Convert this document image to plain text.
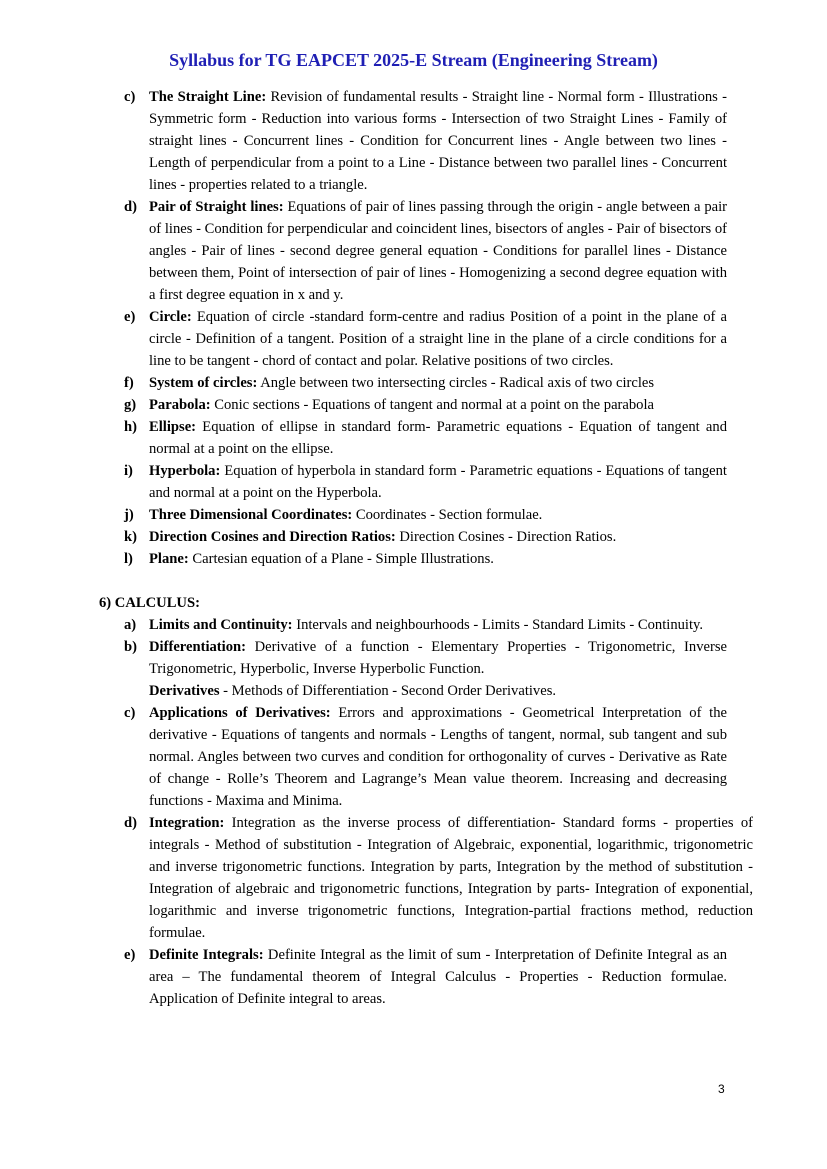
Syllabus for TG EAPCET 2025-E Stream (Engineering Stream)
c) The Straight Line: Revision of fundamental results - Straight line - Normal form - Illustrations - Symmetric form - Reduction into various forms - Intersection of two Straight Lines - Family of straight lines - Concurrent lines - Condition for Concurrent lines - Angle between two lines - Length of perpendicular from a point to a Line - Distance between two parallel lines - Concurrent lines - properties related to a triangle.
d) Pair of Straight lines: Equations of pair of lines passing through the origin - angle between a pair of lines - Condition for perpendicular and coincident lines, bisectors of angles - Pair of bisectors of angles - Pair of lines - second degree general equation - Conditions for parallel lines - Distance between them, Point of intersection of pair of lines - Homogenizing a second degree equation with a first degree equation in x and y.
e) Circle: Equation of circle -standard form-centre and radius Position of a point in the plane of a circle - Definition of a tangent. Position of a straight line in the plane of a circle conditions for a line to be tangent - chord of contact and polar. Relative positions of two circles.
f) System of circles: Angle between two intersecting circles - Radical axis of two circles
g) Parabola: Conic sections - Equations of tangent and normal at a point on the parabola
h) Ellipse: Equation of ellipse in standard form- Parametric equations - Equation of tangent and normal at a point on the ellipse.
i) Hyperbola: Equation of hyperbola in standard form - Parametric equations - Equations of tangent and normal at a point on the Hyperbola.
j) Three Dimensional Coordinates: Coordinates - Section formulae.
k) Direction Cosines and Direction Ratios: Direction Cosines - Direction Ratios.
l) Plane: Cartesian equation of a Plane - Simple Illustrations.
6) CALCULUS:
a) Limits and Continuity: Intervals and neighbourhoods - Limits - Standard Limits - Continuity.
b) Differentiation: Derivative of a function - Elementary Properties - Trigonometric, Inverse Trigonometric, Hyperbolic, Inverse Hyperbolic Function.
Derivatives - Methods of Differentiation - Second Order Derivatives.
c) Applications of Derivatives: Errors and approximations - Geometrical Interpretation of the derivative - Equations of tangents and normals - Lengths of tangent, normal, sub tangent and sub normal. Angles between two curves and condition for orthogonality of curves - Derivative as Rate of change - Rolle’s Theorem and Lagrange’s Mean value theorem. Increasing and decreasing functions - Maxima and Minima.
d) Integration: Integration as the inverse process of differentiation- Standard forms - properties of integrals - Method of substitution - Integration of Algebraic, exponential, logarithmic, trigonometric and inverse trigonometric functions. Integration by parts, Integration by the method of substitution - Integration of algebraic and trigonometric functions, Integration by parts- Integration of exponential, logarithmic and inverse trigonometric functions, Integration-partial fractions method, reduction formulae.
e) Definite Integrals: Definite Integral as the limit of sum - Interpretation of Definite Integral as an area – The fundamental theorem of Integral Calculus - Properties - Reduction formulae. Application of Definite integral to areas.
3
